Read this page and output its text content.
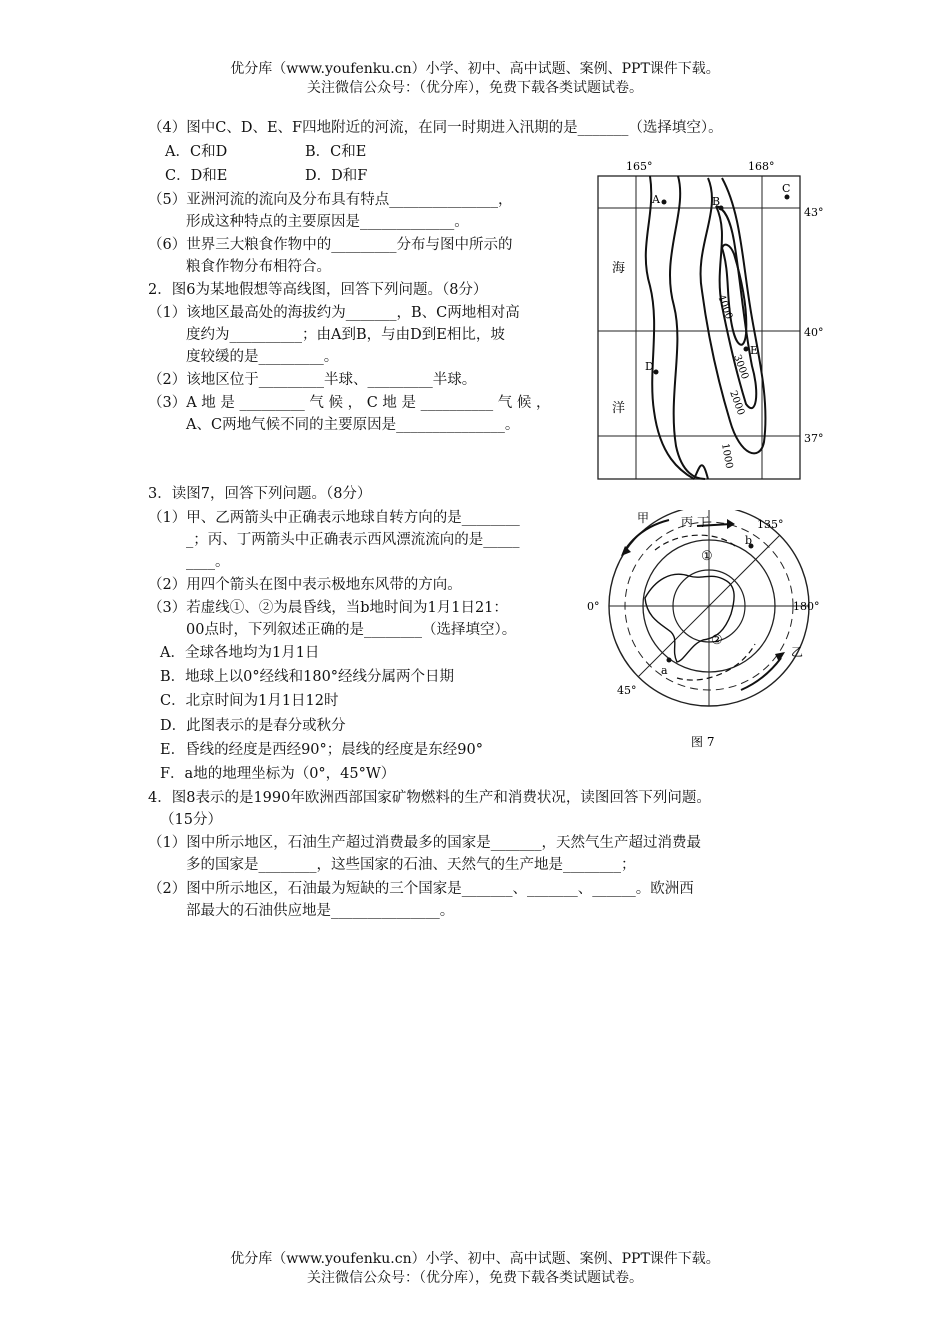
优分库（www.youfenku.cn）小学、初中、高中试题、案例、PPT课件下载。
关注微信公众号：（优分库），免费下载各类试题试卷。
（4）图中C、D、E、F四地附近的河流，在同一时期进入汛期的是_______（选择填空）。
A．C和D	B．C和E
C．D和E	D．D和F
（5）亚洲河流的流向及分布具有特点_______________，
形成这种特点的主要原因是_____________。
（6）世界三大粮食作物中的_________分布与图中所示的
粮食作物分布相符合。
2．图6为某地假想等高线图，回答下列问题。（8分）
（1）该地区最高处的海拔约为_______，B、C两地相对高
度约为__________；由A到B，与由D到E相比，坡
度较缓的是_________。
（2）该地区位于_________半球、_________半球。
（3）A 地 是 _________ 气 候 ， C 地 是 __________ 气 候 ，
A、C两地气候不同的主要原因是_______________。
3．读图7，回答下列问题。（8分）
（1）甲、乙两箭头中正确表示地球自转方向的是________
_；丙、丁两箭头中正确表示西风漂流流向的是_____
____。
（2）用四个箭头在图中表示极地东风带的方向。
（3）若虚线①、②为晨昏线，当b地时间为1月1日21：
00点时，下列叙述正确的是________（选择填空）。
A．全球各地均为1月1日
B．地球上以0°经线和180°经线分属两个日期
C．北京时间为1月1日12时
D．此图表示的是春分或秋分
E．昏线的经度是西经90°；晨线的经度是东经90°
F．a地的地理坐标为（0°，45°W）
4．图8表示的是1990年欧洲西部国家矿物燃料的生产和消费状况，读图回答下列问题。
（15分）
（1）图中所示地区，石油生产超过消费最多的国家是_______，天然气生产超过消费最
多的国家是________，这些国家的石油、天然气的生产地是________；
（2）图中所示地区，石油最为短缺的三个国家是_______、_______、______。欧洲西
部最大的石油供应地是_______________。
165°	168°
43°
40°
37°
海
洋
A	B
C
D
E
4000
3000
2000
1000
甲	丙 丁	135°
0°	180°
乙
45°
a
b
①
②
图 7
优分库（www.youfenku.cn）小学、初中、高中试题、案例、PPT课件下载。
关注微信公众号：（优分库），免费下载各类试题试卷。
